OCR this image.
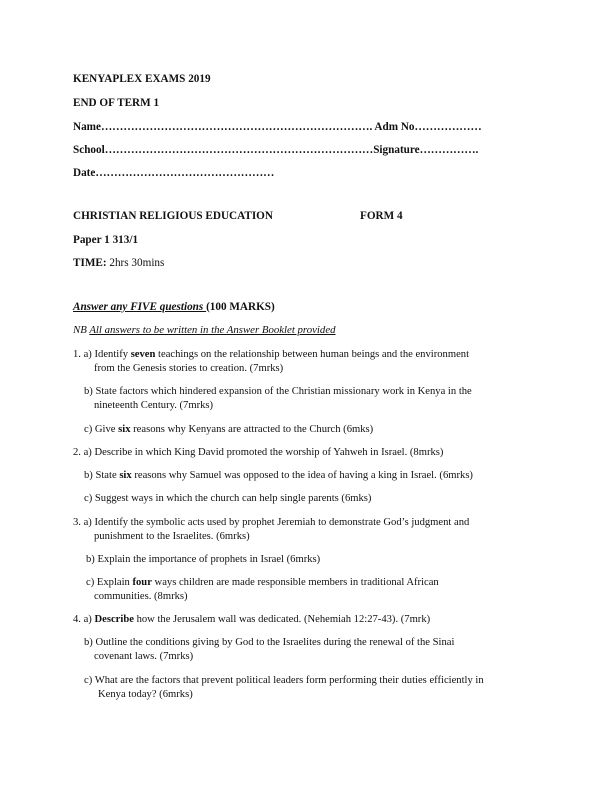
KENYAPLEX EXAMS 2019
END OF TERM 1
Name………………………………………………………………. Adm No………………
School………………………………………………………………Signature…………….
Date…………………………………………
CHRISTIAN RELIGIOUS EDUCATION	FORM 4
Paper 1 313/1
TIME: 2hrs 30mins
Answer any FIVE questions (100 MARKS)
NB All answers to be written in the Answer Booklet provided
1. a) Identify seven teachings on the relationship between human beings and the environment
from the Genesis stories to creation. (7mrks)
b) State factors which hindered expansion of the Christian missionary work in Kenya in the
nineteenth Century. (7mrks)
c) Give six reasons why Kenyans are attracted to the Church (6mks)
2. a) Describe in which King David promoted the worship of Yahweh in Israel. (8mrks)
b) State six reasons why Samuel was opposed to the idea of having a king in Israel. (6mrks)
c) Suggest ways in which the church can help single parents (6mks)
3. a) Identify the symbolic acts used by prophet Jeremiah to demonstrate God’s judgment and
punishment to the Israelites. (6mrks)
b) Explain the importance of prophets in Israel (6mrks)
c) Explain four ways children are made responsible members in traditional African
communities. (8mrks)
4. a) Describe how the Jerusalem wall was dedicated. (Nehemiah 12:27-43). (7mrk)
b) Outline the conditions giving by God to the Israelites during the renewal of the Sinai
covenant laws. (7mrks)
c) What are the factors that prevent political leaders form performing their duties efficiently in
Kenya today? (6mrks)
